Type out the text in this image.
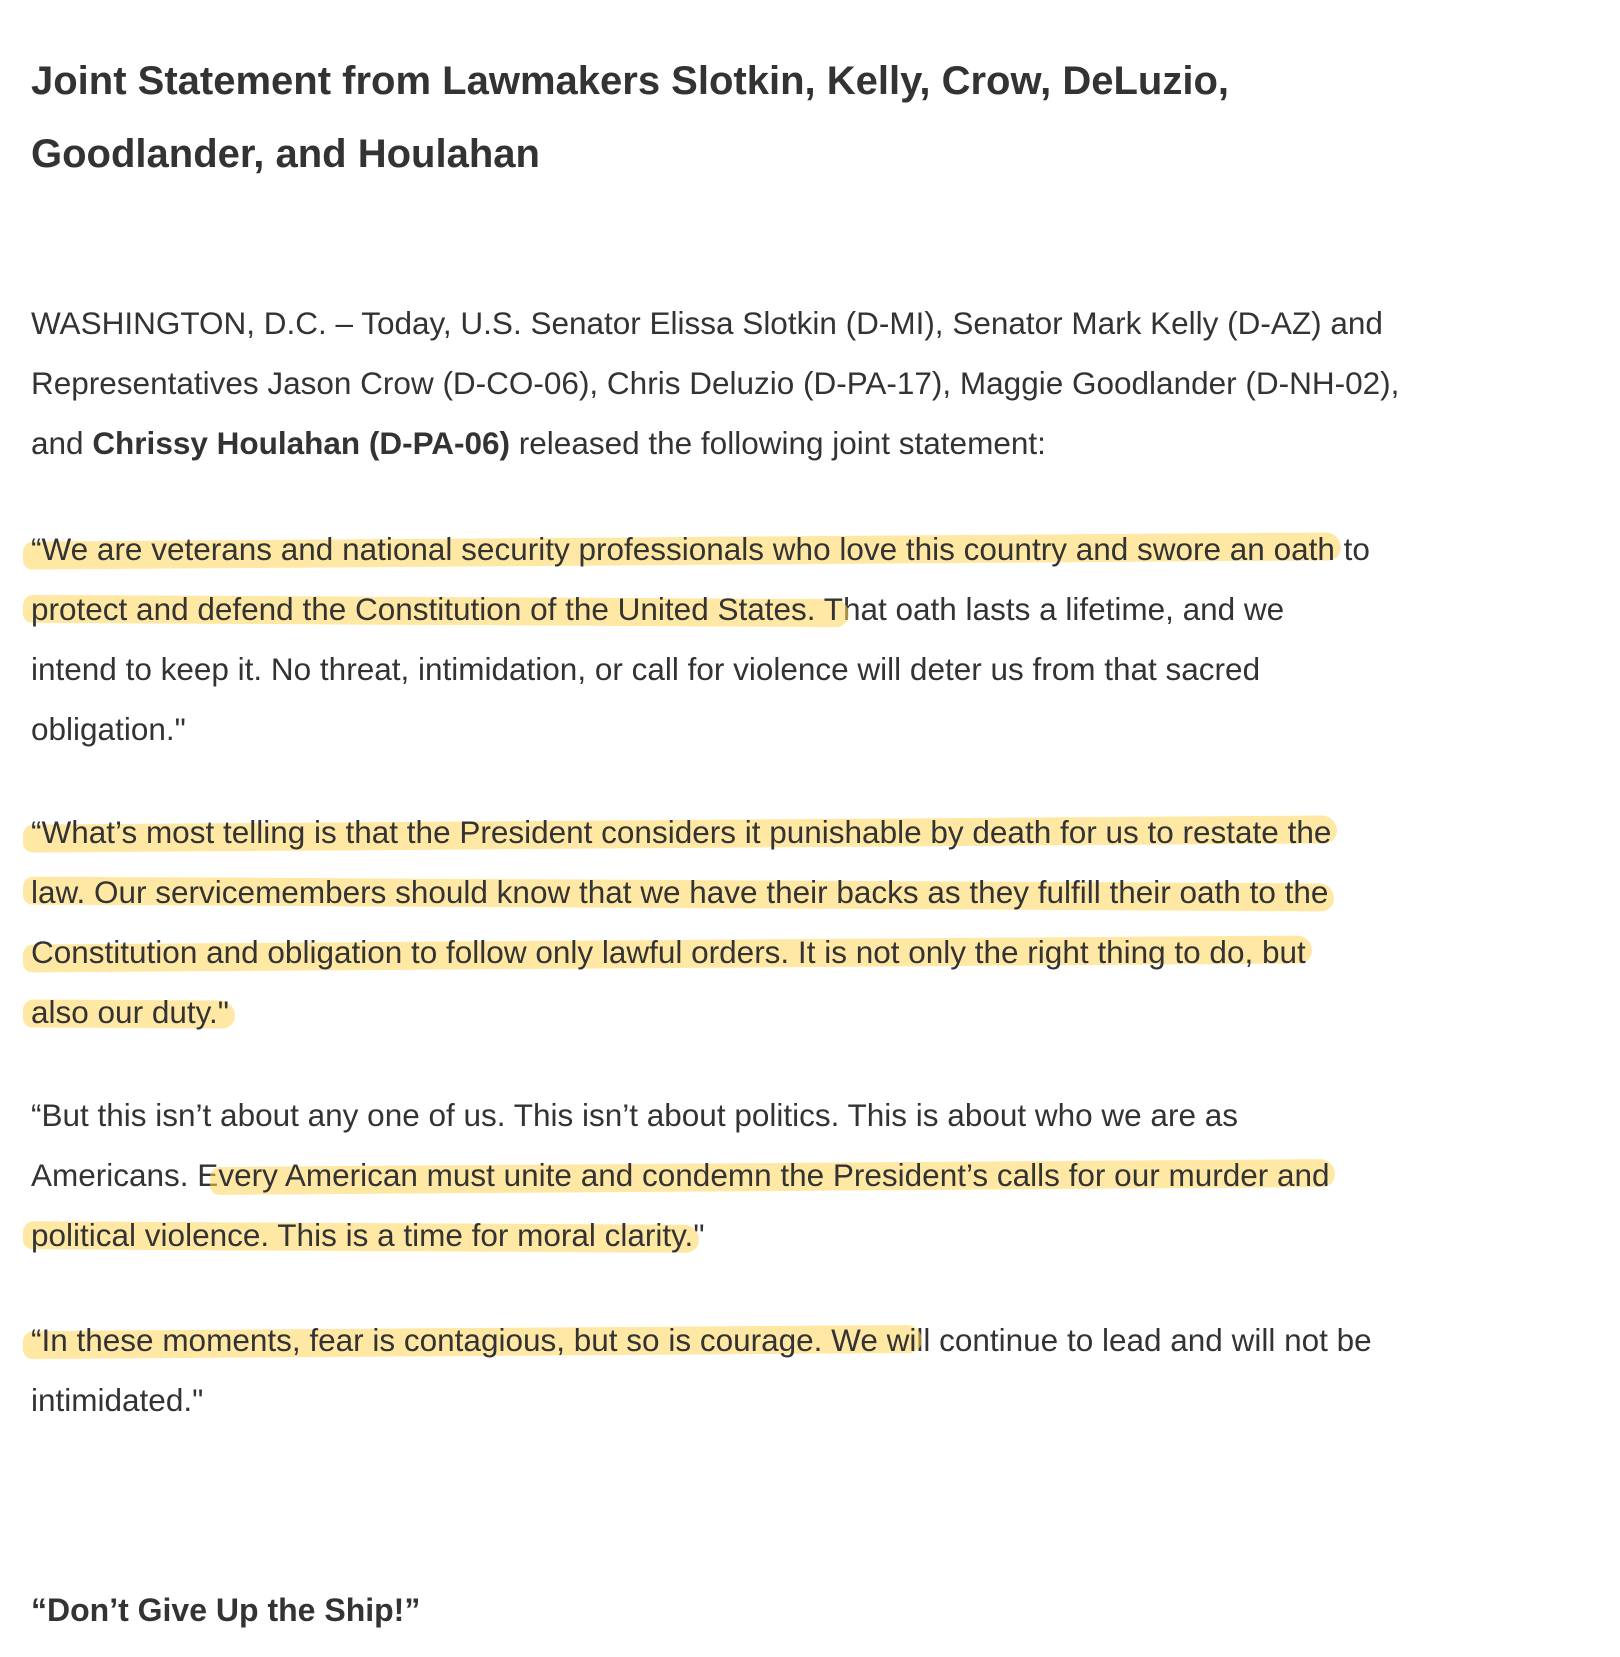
Joint Statement from Lawmakers Slotkin, Kelly, Crow, DeLuzio,
Goodlander, and Houlahan

WASHINGTON, D.C. – Today, U.S. Senator Elissa Slotkin (D-MI), Senator Mark Kelly (D-AZ) and
Representatives Jason Crow (D-CO-06), Chris Deluzio (D-PA-17), Maggie Goodlander (D-NH-02),
and Chrissy Houlahan (D-PA-06) released the following joint statement:

“We are veterans and national security professionals who love this country and swore an oath to
protect and defend the Constitution of the United States. That oath lasts a lifetime, and we
intend to keep it. No threat, intimidation, or call for violence will deter us from that sacred
obligation."

“What’s most telling is that the President considers it punishable by death for us to restate the
law. Our servicemembers should know that we have their backs as they fulfill their oath to the
Constitution and obligation to follow only lawful orders. It is not only the right thing to do, but
also our duty."

“But this isn’t about any one of us. This isn’t about politics. This is about who we are as
Americans. Every American must unite and condemn the President’s calls for our murder and
political violence. This is a time for moral clarity."

“In these moments, fear is contagious, but so is courage. We will continue to lead and will not be
intimidated."

“Don’t Give Up the Ship!”
